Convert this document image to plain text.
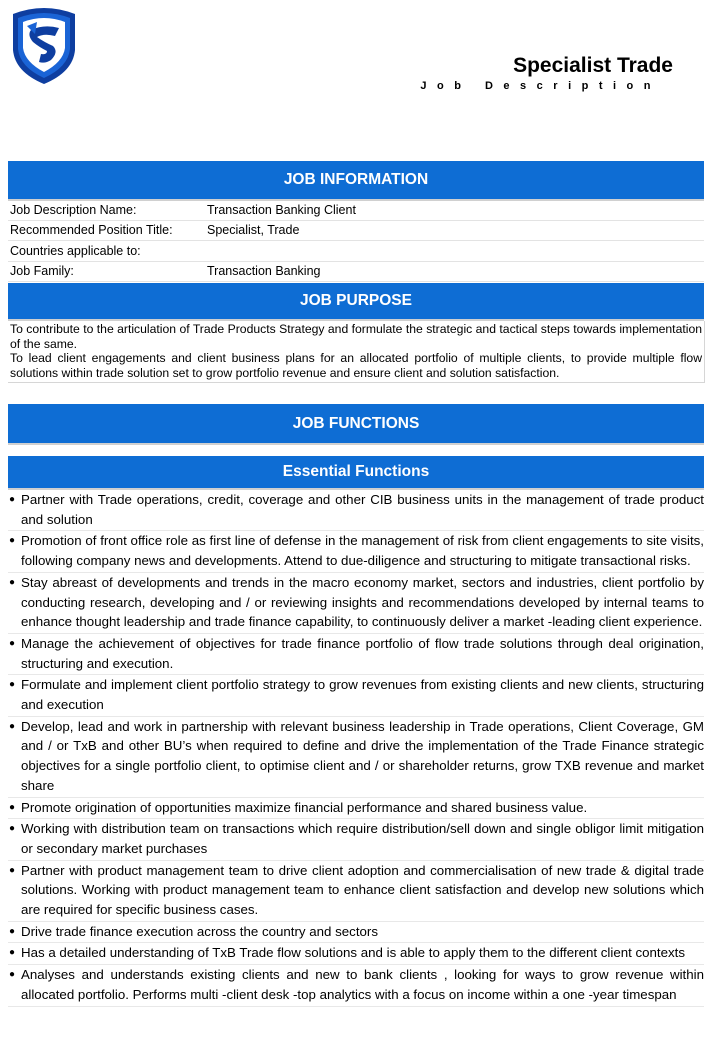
Specialist Trade
Job Description
JOB INFORMATION
Job Description Name:	Transaction Banking Client
Recommended Position Title:	Specialist, Trade
Countries applicable to:	
Job Family:	Transaction Banking
JOB PURPOSE

To contribute to the articulation of Trade Products Strategy and formulate the strategic and tactical steps towards implementation of the same.

To lead client engagements and client business plans for an allocated portfolio of multiple clients, to provide multiple flow solutions within trade solution set to grow portfolio revenue and ensure client and solution satisfaction.

JOB FUNCTIONS
Essential Functions
● Partner with Trade operations, credit, coverage and other CIB business units in the management of trade product and solution
● Promotion of front office role as first line of defense in the management of risk from client engagements to site visits, following company news and developments. Attend to due-diligence and structuring to mitigate transactional risks.
● Stay abreast of developments and trends in the macro economy market, sectors and industries, client portfolio by conducting research, developing and / or reviewing insights and recommendations developed by internal teams to enhance thought leadership and trade finance capability, to continuously deliver a market -leading client experience.
● Manage the achievement of objectives for trade finance portfolio of flow trade solutions through deal origination, structuring and execution.
● Formulate and implement client portfolio strategy to grow revenues from existing clients and new clients, structuring and execution
● Develop, lead and work in partnership with relevant business leadership in Trade operations, Client Coverage, GM and / or TxB and other BU’s when required to define and drive the implementation of the Trade Finance strategic objectives for a single portfolio client, to optimise client and / or shareholder returns, grow TXB revenue and market share
● Promote origination of opportunities maximize financial performance and shared business value.
● Working with distribution team on transactions which require distribution/sell down and single obligor limit mitigation or secondary market purchases
● Partner with product management team to drive client adoption and commercialisation of new trade & digital trade solutions. Working with product management team to enhance client satisfaction and develop new solutions which are required for specific business cases.
● Drive trade finance execution across the country and sectors
● Has a detailed understanding of TxB Trade flow solutions and is able to apply them to the different client contexts
● Analyses and understands existing clients and new to bank clients , looking for ways to grow revenue within allocated portfolio. Performs multi -client desk -top analytics with a focus on income within a one -year timespan
